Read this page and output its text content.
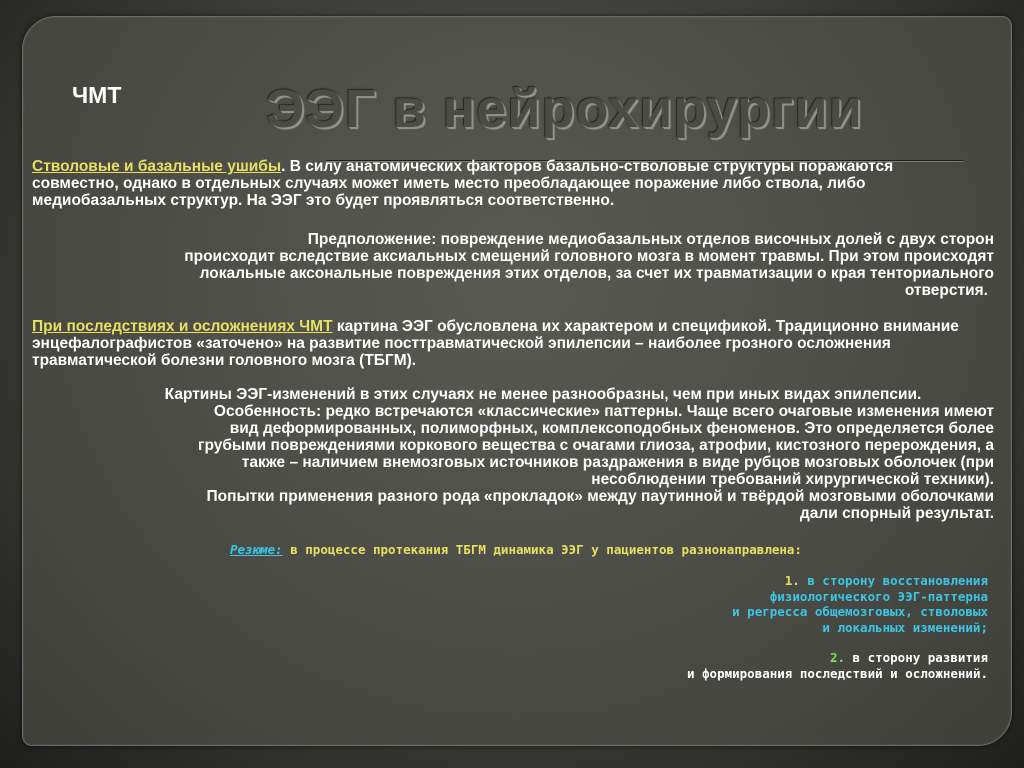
ЧМТ	ЭЭГ в нейрохирургии

Стволовые и базальные ушибы. В силу анатомических факторов базально-стволовые структуры поражаются совместно, однако в отдельных случаях может иметь место преобладающее поражение либо ствола, либо медиобазальных структур. На ЭЭГ это будет проявляться соответственно.

Предположение: повреждение медиобазальных отделов височных долей с двух сторон
происходит вследствие аксиальных смещений головного мозга в момент травмы. При этом происходят
локальные аксональные повреждения этих отделов, за счет их травматизации о края тенториального
отверстия.

При последствиях и осложнениях ЧМТ картина ЭЭГ обусловлена их характером и спецификой. Традиционно внимание энцефалографистов «заточено» на развитие посттравматической эпилепсии – наиболее грозного осложнения травматической болезни головного мозга (ТБГМ).

Картины ЭЭГ-изменений в этих случаях не менее разнообразны, чем при иных видах эпилепсии.
Особенность: редко встречаются «классические» паттерны. Чаще всего очаговые изменения имеют
вид деформированных, полиморфных, комплексоподобных феноменов. Это определяется более
грубыми повреждениями коркового вещества с очагами глиоза, атрофии, кистозного перерождения, а
также – наличием внемозговых источников раздражения в виде рубцов мозговых оболочек (при
несоблюдении требований хирургической техники).
Попытки применения разного рода «прокладок» между паутинной и твёрдой мозговыми оболочками
дали спорный результат.
Резюме: в процессе протекания ТБГМ динамика ЭЭГ у пациентов разнонаправлена:
1. в сторону восстановления
физиологического ЭЭГ-паттерна
и регресса общемозговых, стволовых
и локальных изменений;
2. в сторону развития
и формирования последствий и осложнений.
